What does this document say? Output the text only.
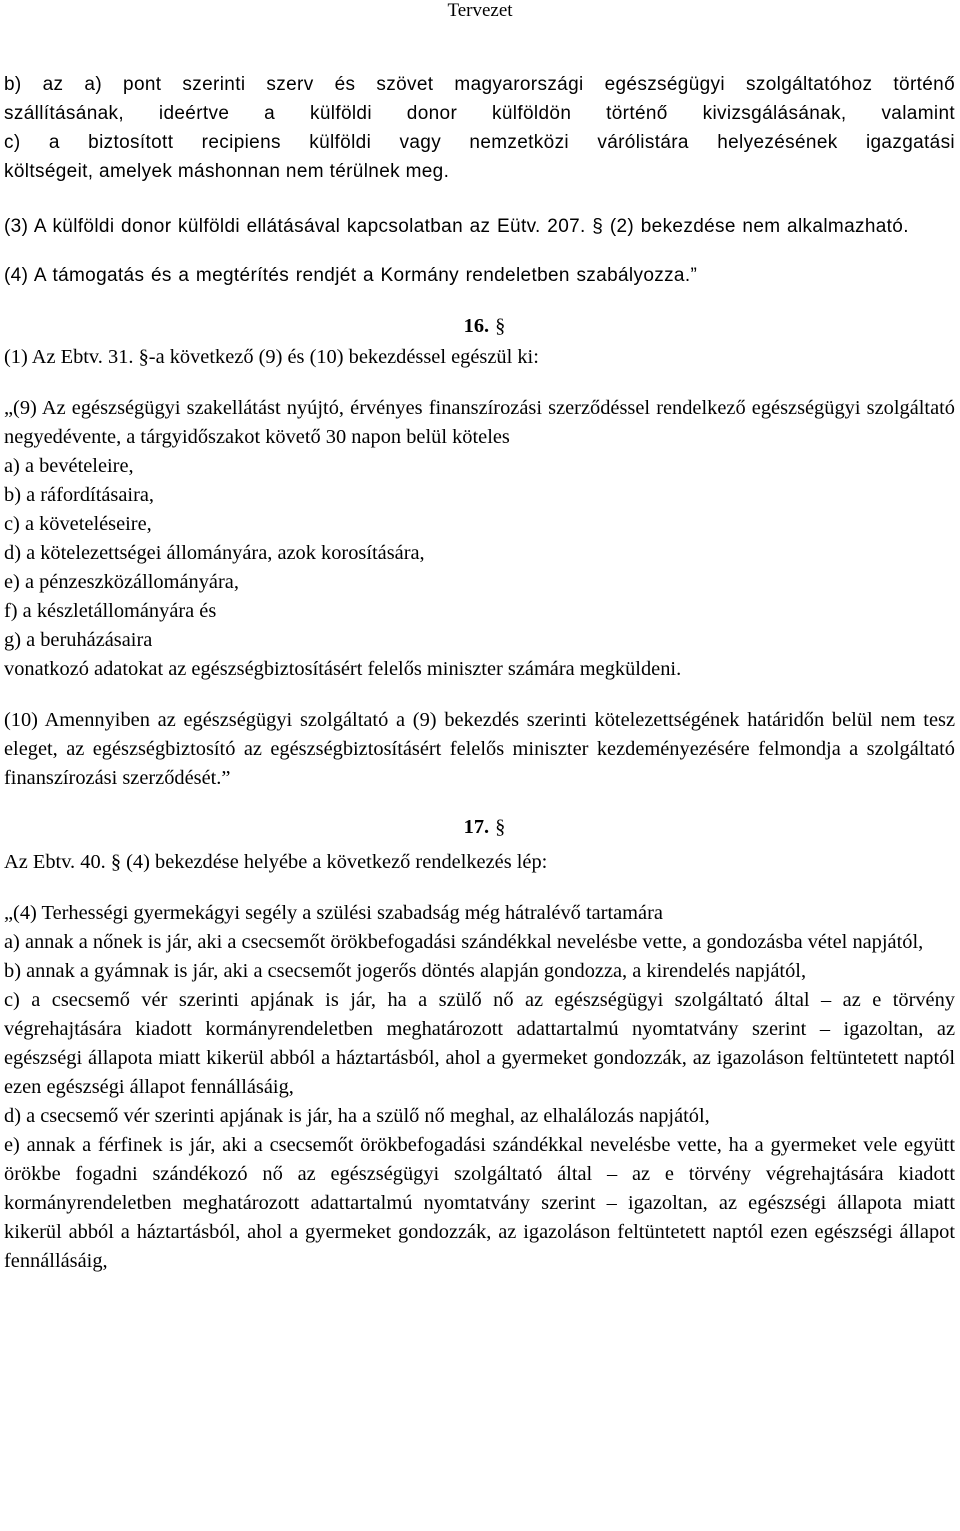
Tervezet
b) az a) pont szerinti szerv és szövet magyarországi egészségügyi szolgáltatóhoz történő
szállításának, ideértve a külföldi donor külföldön történő kivizsgálásának, valamint
c) a biztosított recipiens külföldi vagy nemzetközi várólistára helyezésének igazgatási
költségeit, amelyek máshonnan nem térülnek meg.

(3) A külföldi donor külföldi ellátásával kapcsolatban az Eütv. 207. § (2) bekezdése nem alkalmazható.

(4) A támogatás és a megtérítés rendjét a Kormány rendeletben szabályozza.”

16. §

(1) Az Ebtv. 31. §-a következő (9) és (10) bekezdéssel egészül ki:

„(9) Az egészségügyi szakellátást nyújtó, érvényes finanszírozási szerződéssel rendelkező egészségügyi szolgáltató negyedévente, a tárgyidőszakot követő 30 napon belül köteles

a) a bevételeire,
b) a ráfordításaira,
c) a követeléseire,
d) a kötelezettségei állományára, azok korosítására,
e) a pénzeszközállományára,
f) a készletállományára és
g) a beruházásaira
vonatkozó adatokat az egészségbiztosításért felelős miniszter számára megküldeni.

(10) Amennyiben az egészségügyi szolgáltató a (9) bekezdés szerinti kötelezettségének határidőn belül nem tesz eleget, az egészségbiztosító az egészségbiztosításért felelős miniszter kezdeményezésére felmondja a szolgáltató finanszírozási szerződését.”

17. §

Az Ebtv. 40. § (4) bekezdése helyébe a következő rendelkezés lép:

„(4) Terhességi gyermekágyi segély a szülési szabadság még hátralévő tartamára

a) annak a nőnek is jár, aki a csecsemőt örökbefogadási szándékkal nevelésbe vette, a gondozásba vétel napjától,

b) annak a gyámnak is jár, aki a csecsemőt jogerős döntés alapján gondozza, a kirendelés napjától,

c) a csecsemő vér szerinti apjának is jár, ha a szülő nő az egészségügyi szolgáltató által – az e törvény végrehajtására kiadott kormányrendeletben meghatározott adattartalmú nyomtatvány szerint – igazoltan, az egészségi állapota miatt kikerül abból a háztartásból, ahol a gyermeket gondozzák, az igazoláson feltüntetett naptól ezen egészségi állapot fennállásáig,

d) a csecsemő vér szerinti apjának is jár, ha a szülő nő meghal, az elhalálozás napjától,

e) annak a férfinek is jár, aki a csecsemőt örökbefogadási szándékkal nevelésbe vette, ha a gyermeket vele együtt örökbe fogadni szándékozó nő az egészségügyi szolgáltató által – az e törvény végrehajtására kiadott kormányrendeletben meghatározott adattartalmú nyomtatvány szerint – igazoltan, az egészségi állapota miatt kikerül abból a háztartásból, ahol a gyermeket gondozzák, az igazoláson feltüntetett naptól ezen egészségi állapot fennállásáig,
